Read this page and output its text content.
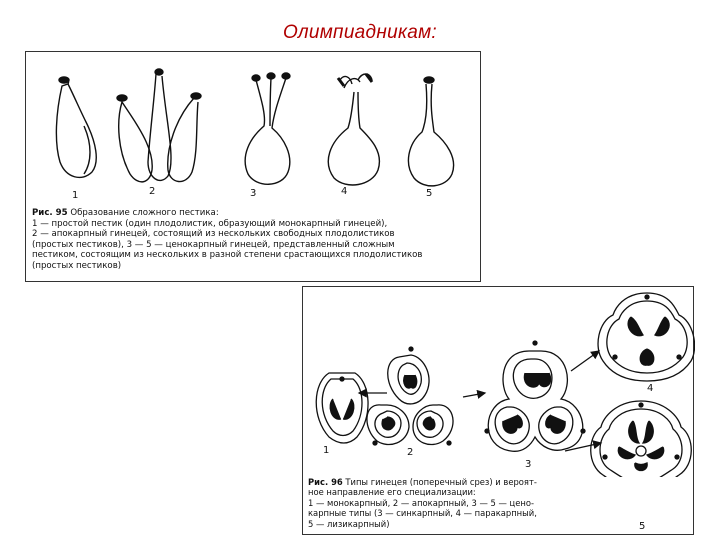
Олимпиадникам:
1	2	3	4	5
Рис. 95 Образование сложного пестика:
1 — простой пестик (один плодолистик, образующий монокарпный гинецей),
2 — апокарпный гинецей, состоящий из нескольких свободных плодолистиков
(простых пестиков), 3 — 5 — ценокарпный гинецей, представленный сложным
пестиком, состоящим из нескольких в разной степени срастающихся плодолистиков
(простых пестиков)
1	2
3
4
Рис. 96 Типы гинецея (поперечный срез) и вероят-
ное направление его специализации:
1 — монокарпный, 2 — апокарпный, 3 — 5 — цено-
карпные типы (3 — синкарпный, 4 — паракарпный,
5 — лизикарпный)	5
